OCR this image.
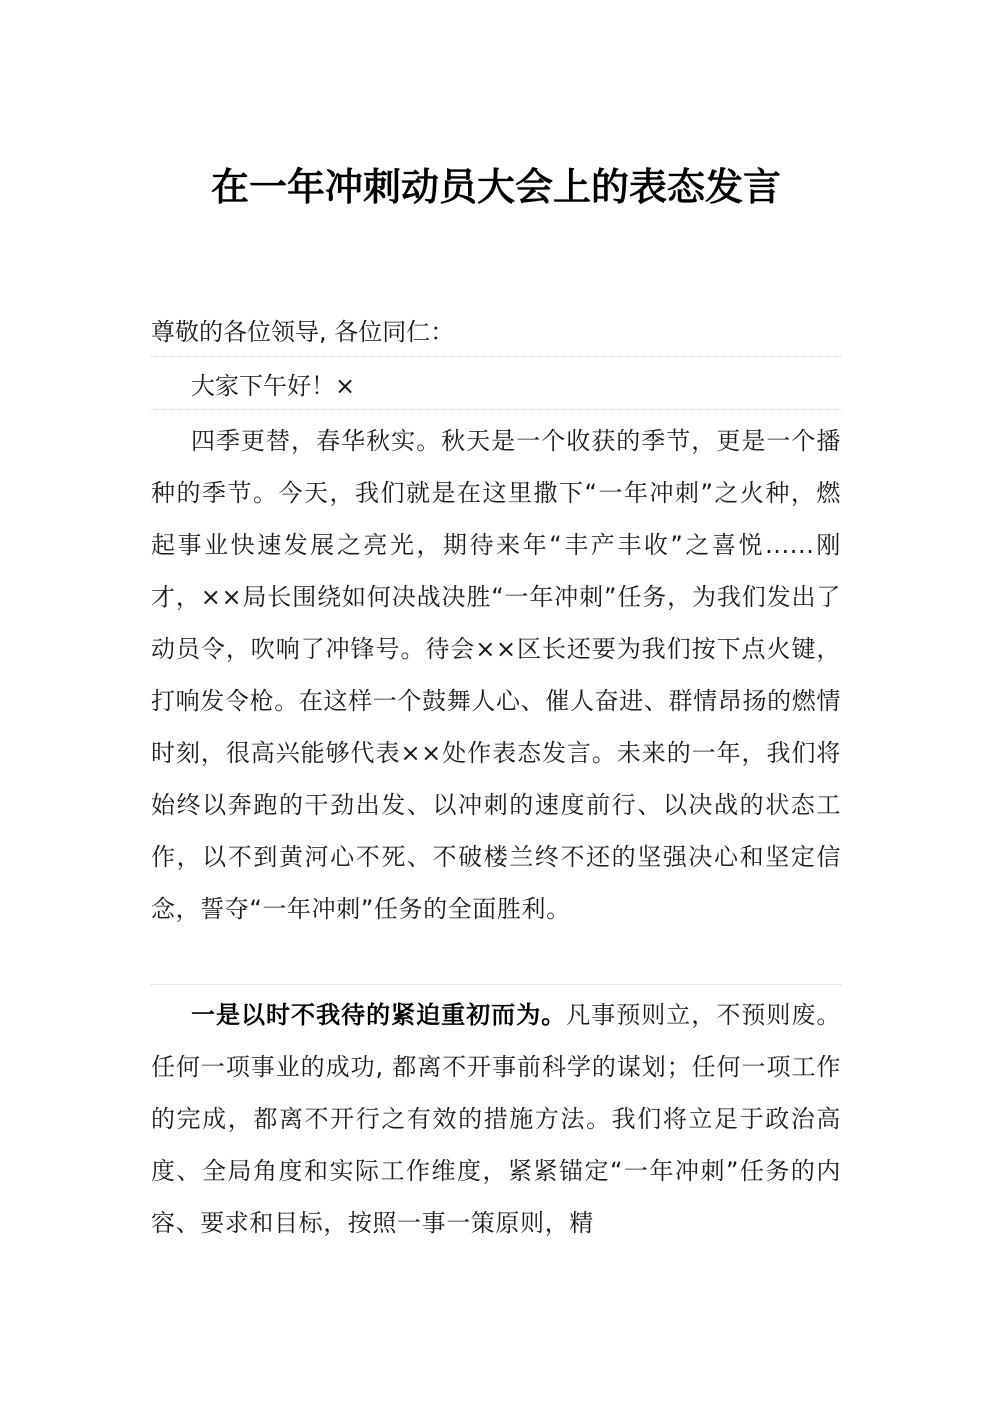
在一年冲刺动员大会上的表态发言
尊敬的各位领导, 各位同仁：
大家下午好！×
四季更替，春华秋实。秋天是一个收获的季节，更是一个播种的季节。今天，我们就是在这里撒下“一年冲刺”之火种，燃起事业快速发展之亮光，期待来年“丰产丰收”之喜悦......刚才，××局长围绕如何决战决胜“一年冲刺”任务，为我们发出了动员令，吹响了冲锋号。待会××区长还要为我们按下点火键，打响发令枪。在这样一个鼓舞人心、催人奋进、群情昂扬的燃情时刻，很高兴能够代表××处作表态发言。未来的一年，我们将始终以奔跑的干劲出发、以冲刺的速度前行、以决战的状态工作，以不到黄河心不死、不破楼兰终不还的坚强决心和坚定信念，誓夺“一年冲刺”任务的全面胜利。
一是以时不我待的紧迫重初而为。凡事预则立，不预则废。任何一项事业的成功, 都离不开事前科学的谋划；任何一项工作的完成，都离不开行之有效的措施方法。我们将立足于政治高度、全局角度和实际工作维度，紧紧锚定“一年冲刺”任务的内容、要求和目标，按照一事一策原则，精
